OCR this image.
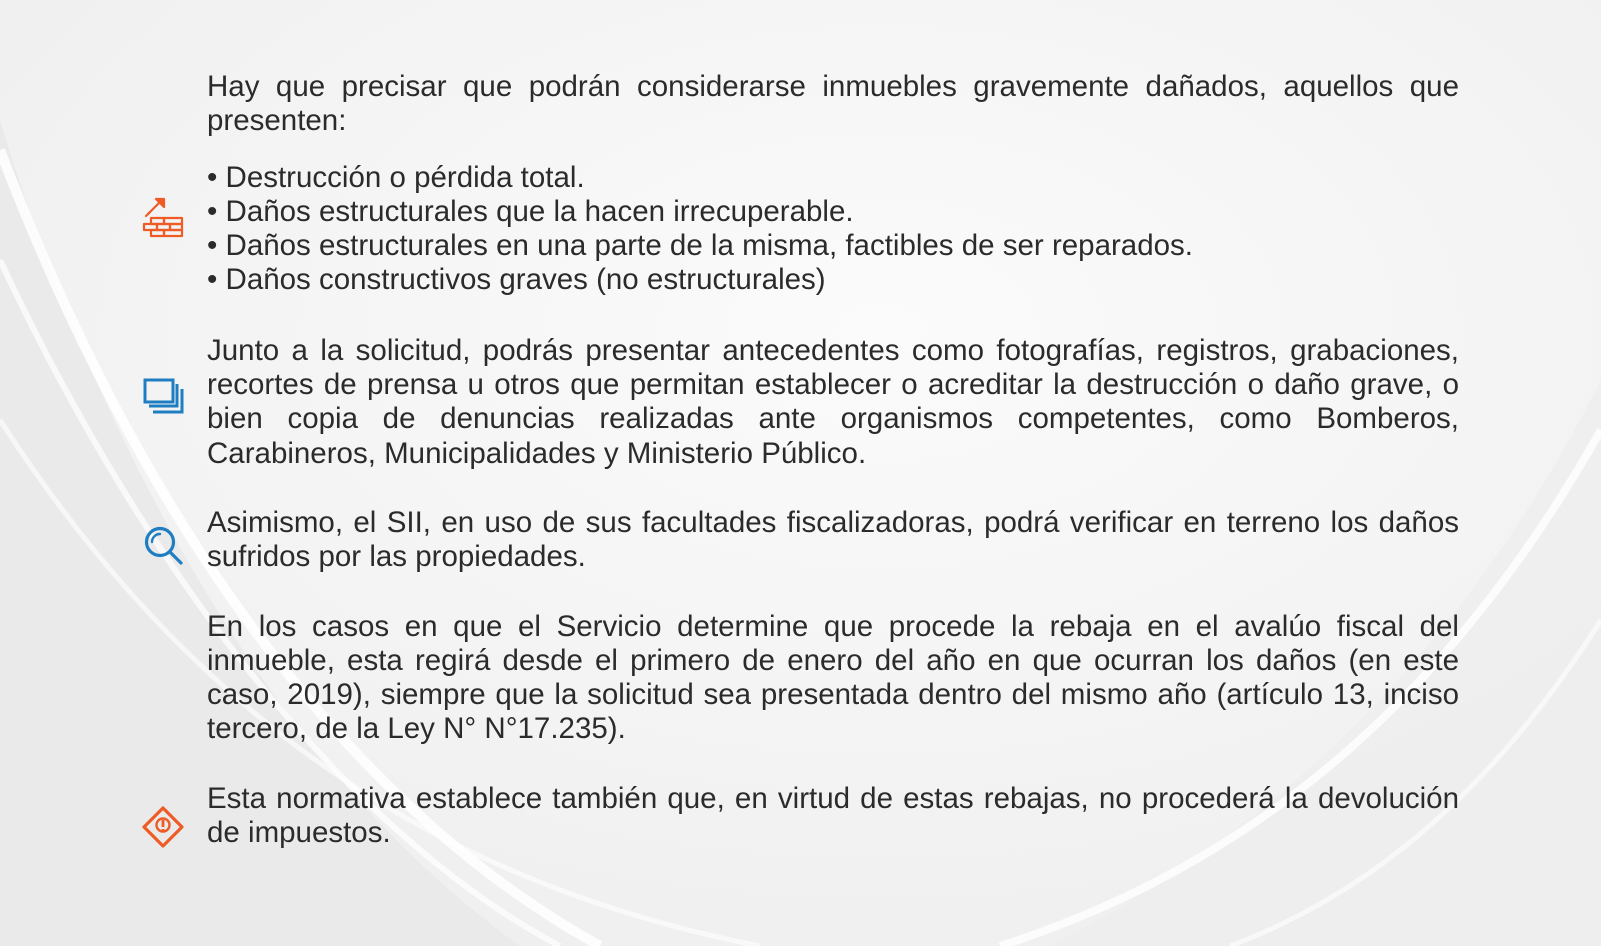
Hay que precisar que podrán considerarse inmuebles gravemente dañados, aquellos que presenten:

• Destrucción o pérdida total.
• Daños estructurales que la hacen irrecuperable.
• Daños estructurales en una parte de la misma, factibles de ser reparados.
• Daños constructivos graves (no estructurales)

Junto a la solicitud, podrás presentar antecedentes como fotografías, registros, grabaciones, recortes de prensa u otros que permitan establecer o acreditar la destrucción o daño grave, o bien copia de denuncias realizadas ante organismos competentes, como Bomberos, Carabineros, Municipalidades y Ministerio Público.

Asimismo, el SII, en uso de sus facultades fiscalizadoras, podrá verificar en terreno los daños sufridos por las propiedades.

En los casos en que el Servicio determine que procede la rebaja en el avalúo fiscal del inmueble, esta regirá desde el primero de enero del año en que ocurran los daños (en este caso, 2019), siempre que la solicitud sea presentada dentro del mismo año (artículo 13, inciso tercero, de la Ley N° N°17.235).

Esta normativa establece también que, en virtud de estas rebajas, no procederá la devolución de impuestos.
